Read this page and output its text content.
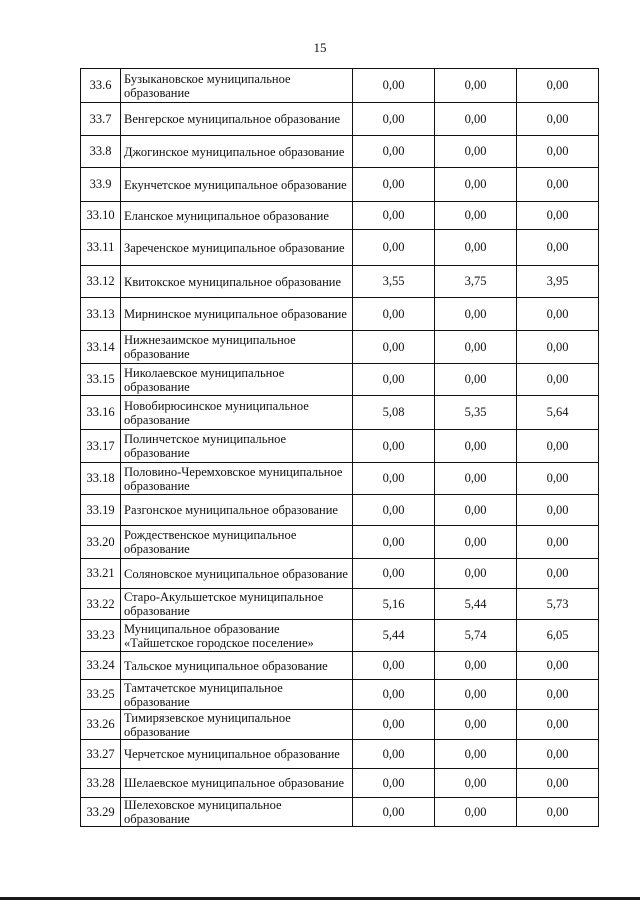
15
33.6	Бузыкановское муниципальное образование	0,00	0,00	0,00
33.7	Венгерское муниципальное образование	0,00	0,00	0,00
33.8	Джогинское муниципальное образование	0,00	0,00	0,00
33.9	Екунчетское муниципальное образование	0,00	0,00	0,00
33.10	Еланское муниципальное образование	0,00	0,00	0,00
33.11	Зареченское муниципальное образование	0,00	0,00	0,00
33.12	Квитокское муниципальное образование	3,55	3,75	3,95
33.13	Мирнинское муниципальное образование	0,00	0,00	0,00
33.14	Нижнезаимское муниципальное образование	0,00	0,00	0,00
33.15	Николаевское муниципальное образование	0,00	0,00	0,00
33.16	Новобирюсинское муниципальное образование	5,08	5,35	5,64
33.17	Полинчетское муниципальное образование	0,00	0,00	0,00
33.18	Половино-Черемховское муниципальное образование	0,00	0,00	0,00
33.19	Разгонское муниципальное образование	0,00	0,00	0,00
33.20	Рождественское муниципальное образование	0,00	0,00	0,00
33.21	Соляновское муниципальное образование	0,00	0,00	0,00
33.22	Старо-Акульшетское муниципальное образование	5,16	5,44	5,73
33.23	Муниципальное образование «Тайшетское городское поселение»	5,44	5,74	6,05
33.24	Тальское муниципальное образование	0,00	0,00	0,00
33.25	Тамтачетское муниципальное образование	0,00	0,00	0,00
33.26	Тимирязевское муниципальное образование	0,00	0,00	0,00
33.27	Черчетское муниципальное образование	0,00	0,00	0,00
33.28	Шелаевское муниципальное образование	0,00	0,00	0,00
33.29	Шелеховское муниципальное образование	0,00	0,00	0,00
